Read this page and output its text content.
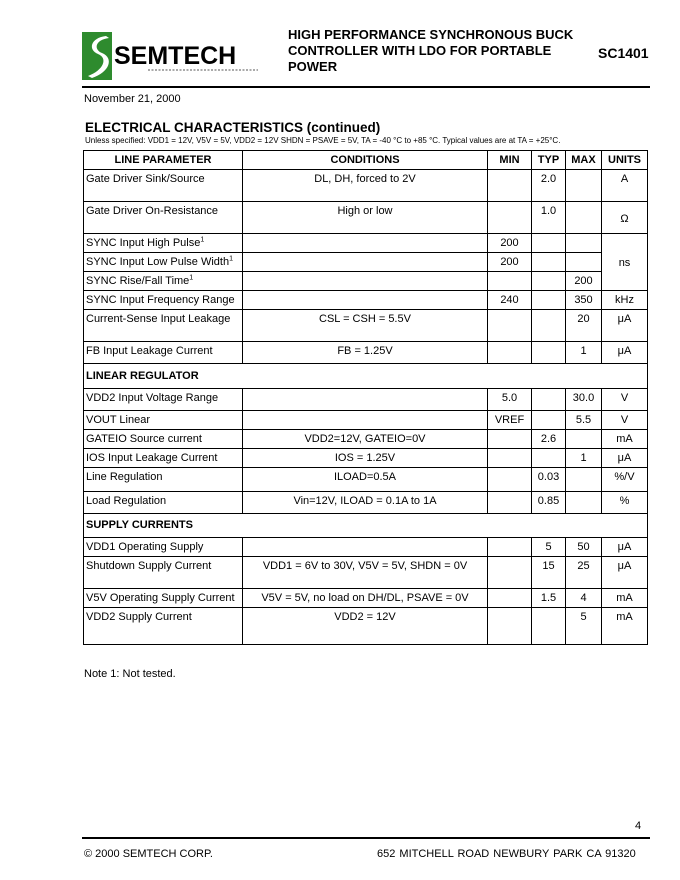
SEMTECH
HIGH PERFORMANCE SYNCHRONOUS BUCK CONTROLLER WITH LDO FOR PORTABLE POWER
SC1401
November 21, 2000
ELECTRICAL CHARACTERISTICS (continued)
Unless specified: VDD1 = 12V, V5V = 5V, VDD2 = 12V SHDN = PSAVE = 5V, TA = -40 °C to +85 °C. Typical values are at TA = +25°C.
LINE PARAMETER	CONDITIONS	MIN	TYP	MAX	UNITS
Gate Driver Sink/Source	DL, DH, forced to 2V		2.0		A
Gate Driver On-Resistance	High or low		1.0		Ω
SYNC Input High Pulse$^1$		200			ns
SYNC Input Low Pulse Width$^1$		200			
SYNC Rise/Fall Time$^1$				200	
SYNC Input Frequency Range		240		350	kHz
Current-Sense Input Leakage	CSL = CSH = 5.5V			20	μA
FB Input Leakage Current	FB = 1.25V			1	μA
LINEAR REGULATOR					
VDD2 Input Voltage Range		5.0		30.0	V
VOUT Linear		VREF		5.5	V
GATEIO Source current	VDD2=12V, GATEIO=0V		2.6		mA
IOS Input Leakage Current	IOS = 1.25V			1	μA
Line Regulation	ILOAD=0.5A		0.03		%/V
Load Regulation	Vin=12V, ILOAD = 0.1A to 1A		0.85		%
SUPPLY CURRENTS					
VDD1 Operating Supply			5	50	μA
Shutdown Supply Current	VDD1 = 6V to 30V, V5V = 5V, SHDN = 0V		15	25	μA
V5V Operating Supply Current	V5V = 5V, no load on DH/DL, PSAVE = 0V		1.5	4	mA
VDD2 Supply Current	VDD2 = 12V			5	mA
Note 1: Not tested.
4
© 2000 SEMTECH CORP.	652 MITCHELL ROAD NEWBURY PARK CA 91320
